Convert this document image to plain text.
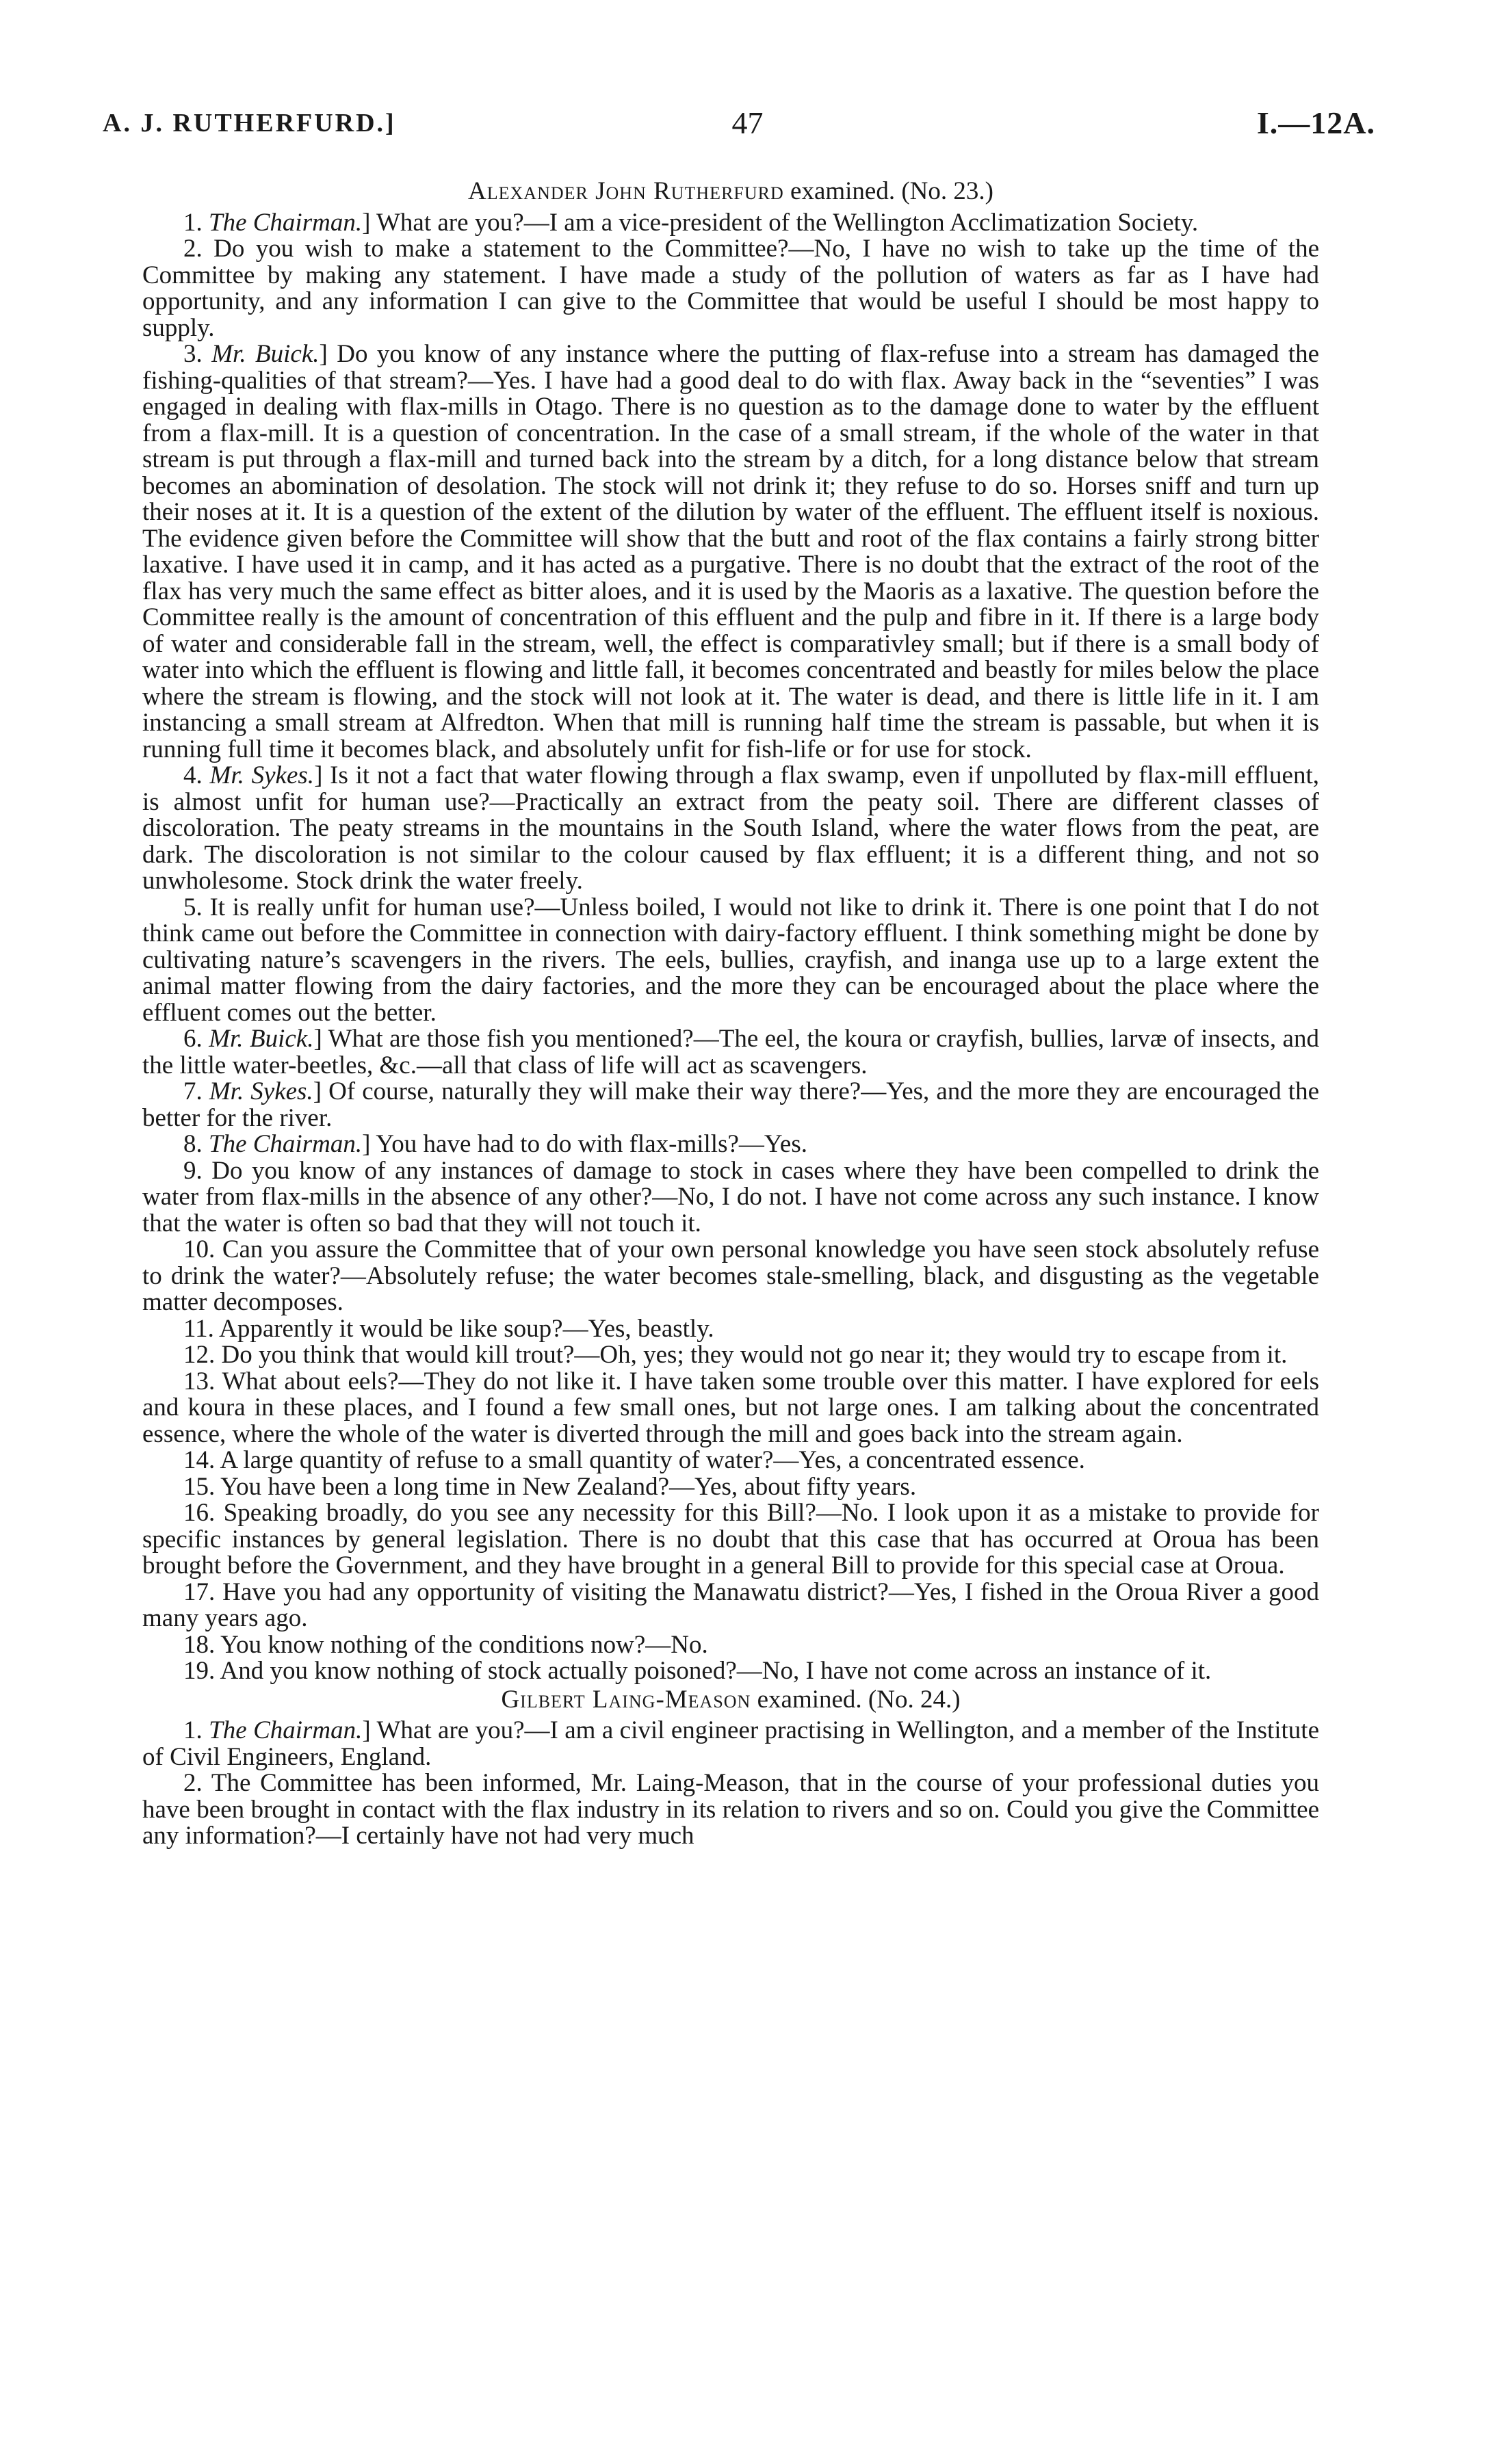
47
A. J. RUTHERFURD.]	I.—12A.

Alexander John Rutherfurd examined. (No. 23.)

1. The Chairman.] What are you?—I am a vice-president of the Wellington Acclimatization Society.

2. Do you wish to make a statement to the Committee?—No, I have no wish to take up the time of the Committee by making any statement. I have made a study of the pollution of waters as far as I have had opportunity, and any information I can give to the Committee that would be useful I should be most happy to supply.

3. Mr. Buick.] Do you know of any instance where the putting of flax-refuse into a stream has damaged the fishing-qualities of that stream?—Yes. I have had a good deal to do with flax. Away back in the “seventies” I was engaged in dealing with flax-mills in Otago. There is no question as to the damage done to water by the effluent from a flax-mill. It is a question of concentration. In the case of a small stream, if the whole of the water in that stream is put through a flax-mill and turned back into the stream by a ditch, for a long distance below that stream becomes an abomination of desolation. The stock will not drink it; they refuse to do so. Horses sniff and turn up their noses at it. It is a question of the extent of the dilution by water of the effluent. The effluent itself is noxious. The evidence given before the Committee will show that the butt and root of the flax contains a fairly strong bitter laxative. I have used it in camp, and it has acted as a purgative. There is no doubt that the extract of the root of the flax has very much the same effect as bitter aloes, and it is used by the Maoris as a laxative. The question before the Committee really is the amount of concentration of this effluent and the pulp and fibre in it. If there is a large body of water and considerable fall in the stream, well, the effect is comparativley small; but if there is a small body of water into which the effluent is flowing and little fall, it becomes concentrated and beastly for miles below the place where the stream is flowing, and the stock will not look at it. The water is dead, and there is little life in it. I am instancing a small stream at Alfredton. When that mill is running half time the stream is passable, but when it is running full time it becomes black, and absolutely unfit for fish-life or for use for stock.

4. Mr. Sykes.] Is it not a fact that water flowing through a flax swamp, even if unpolluted by flax-mill effluent, is almost unfit for human use?—Practically an extract from the peaty soil. There are different classes of discoloration. The peaty streams in the mountains in the South Island, where the water flows from the peat, are dark. The discoloration is not similar to the colour caused by flax effluent; it is a different thing, and not so unwholesome. Stock drink the water freely.

5. It is really unfit for human use?—Unless boiled, I would not like to drink it. There is one point that I do not think came out before the Committee in connection with dairy-factory effluent. I think something might be done by cultivating nature’s scavengers in the rivers. The eels, bullies, crayfish, and inanga use up to a large extent the animal matter flowing from the dairy factories, and the more they can be encouraged about the place where the effluent comes out the better.

6. Mr. Buick.] What are those fish you mentioned?—The eel, the koura or crayfish, bullies, larvæ of insects, and the little water-beetles, &c.—all that class of life will act as scavengers.

7. Mr. Sykes.] Of course, naturally they will make their way there?—Yes, and the more they are encouraged the better for the river.

8. The Chairman.] You have had to do with flax-mills?—Yes.

9. Do you know of any instances of damage to stock in cases where they have been compelled to drink the water from flax-mills in the absence of any other?—No, I do not. I have not come across any such instance. I know that the water is often so bad that they will not touch it.

10. Can you assure the Committee that of your own personal knowledge you have seen stock absolutely refuse to drink the water?—Absolutely refuse; the water becomes stale-smelling, black, and disgusting as the vegetable matter decomposes.

11. Apparently it would be like soup?—Yes, beastly.

12. Do you think that would kill trout?—Oh, yes; they would not go near it; they would try to escape from it.

13. What about eels?—They do not like it. I have taken some trouble over this matter. I have explored for eels and koura in these places, and I found a few small ones, but not large ones. I am talking about the concentrated essence, where the whole of the water is diverted through the mill and goes back into the stream again.

14. A large quantity of refuse to a small quantity of water?—Yes, a concentrated essence.

15. You have been a long time in New Zealand?—Yes, about fifty years.

16. Speaking broadly, do you see any necessity for this Bill?—No. I look upon it as a mistake to provide for specific instances by general legislation. There is no doubt that this case that has occurred at Oroua has been brought before the Government, and they have brought in a general Bill to provide for this special case at Oroua.

17. Have you had any opportunity of visiting the Manawatu district?—Yes, I fished in the Oroua River a good many years ago.

18. You know nothing of the conditions now?—No.

19. And you know nothing of stock actually poisoned?—No, I have not come across an instance of it.

Gilbert Laing-Meason examined. (No. 24.)

1. The Chairman.] What are you?—I am a civil engineer practising in Wellington, and a member of the Institute of Civil Engineers, England.

2. The Committee has been informed, Mr. Laing-Meason, that in the course of your professional duties you have been brought in contact with the flax industry in its relation to rivers and so on. Could you give the Committee any information?—I certainly have not had very much
